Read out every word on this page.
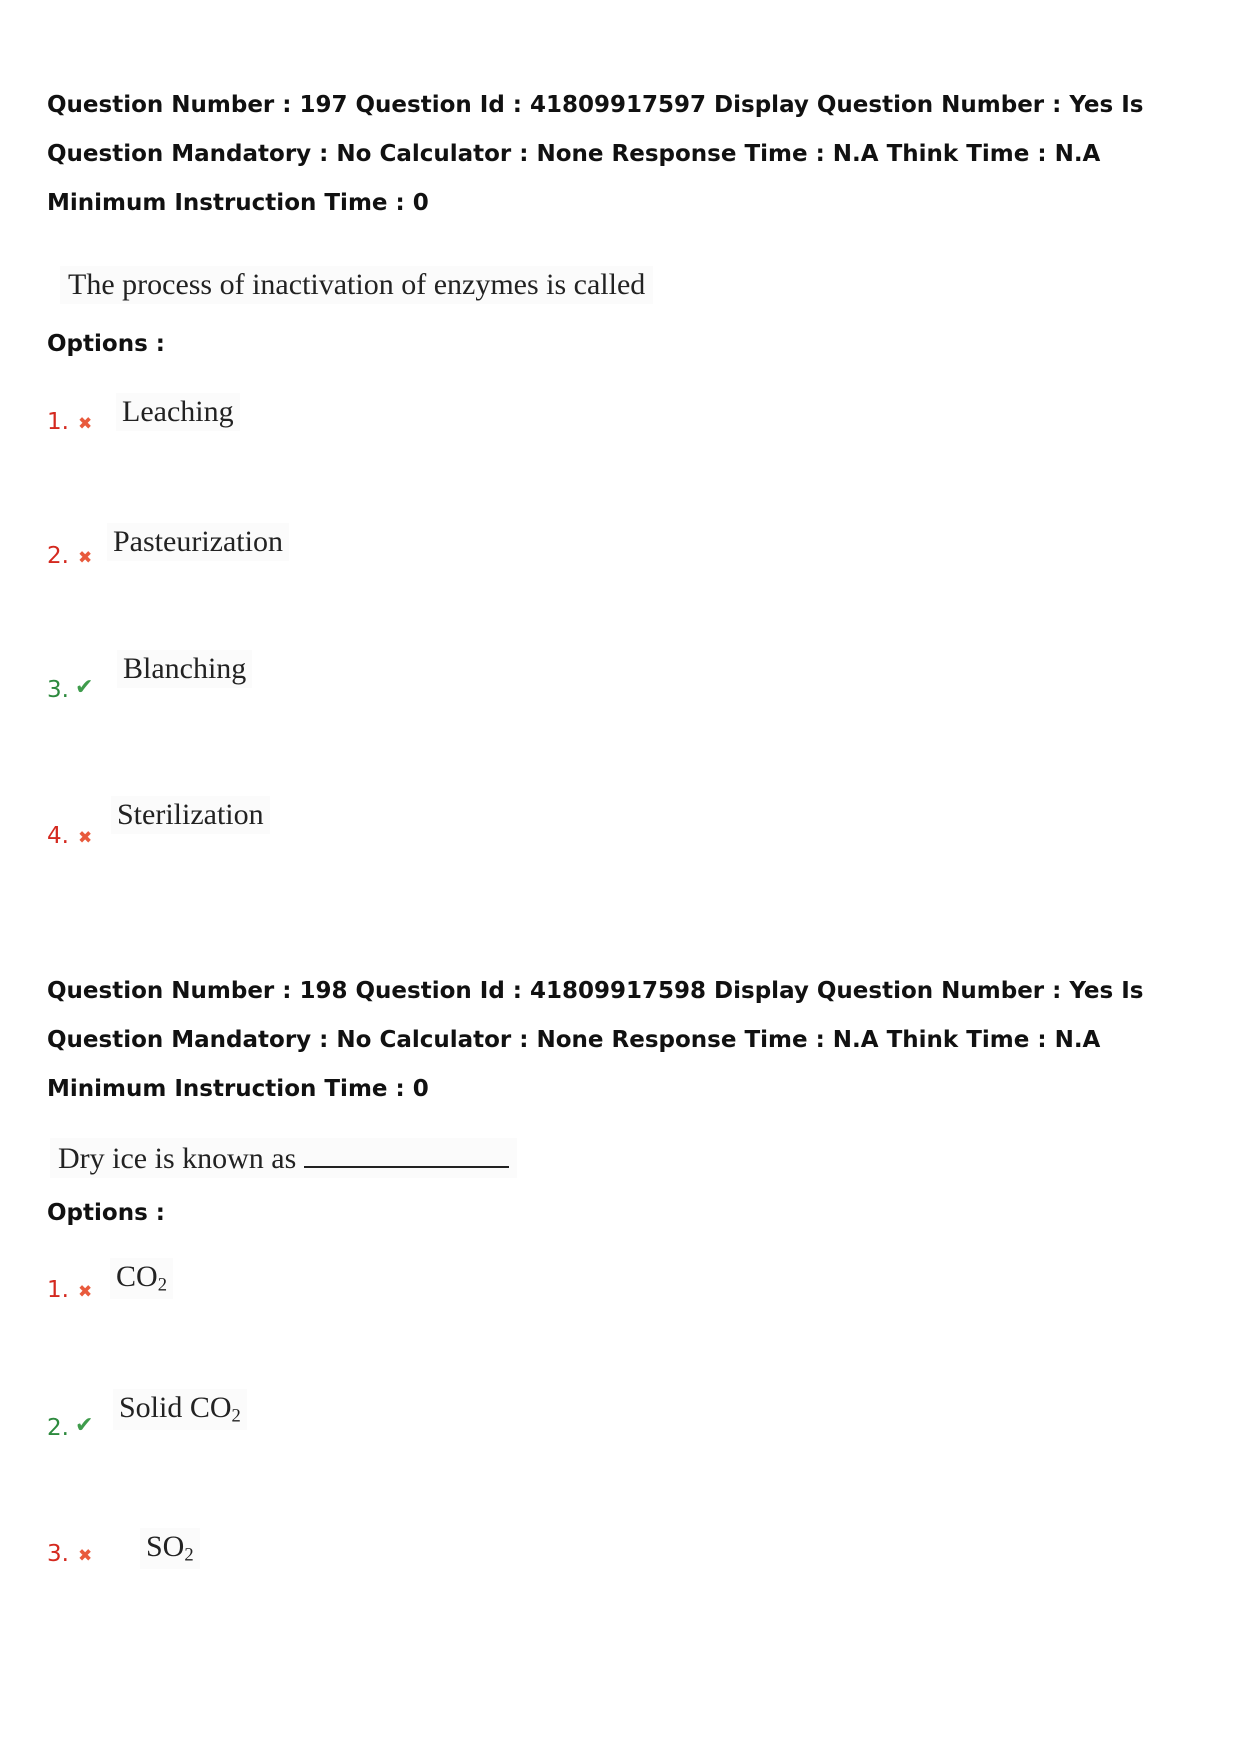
Question Number : 197 Question Id : 41809917597 Display Question Number : Yes Is Question Mandatory : No Calculator : None Response Time : N.A Think Time : N.A Minimum Instruction Time : 0

The process of inactivation of enzymes is called
Options :
1. ✖ Leaching
2. ✖ Pasteurization
3. ✔
Blanching
4. ✖
Sterilization

Question Number : 198 Question Id : 41809917598 Display Question Number : Yes Is Question Mandatory : No Calculator : None Response Time : N.A Think Time : N.A Minimum Instruction Time : 0

Dry ice is known as
Options :
1. ✖ $CO_2$
2. ✔
Solid $CO_2$
3. ✖ $SO_2$
